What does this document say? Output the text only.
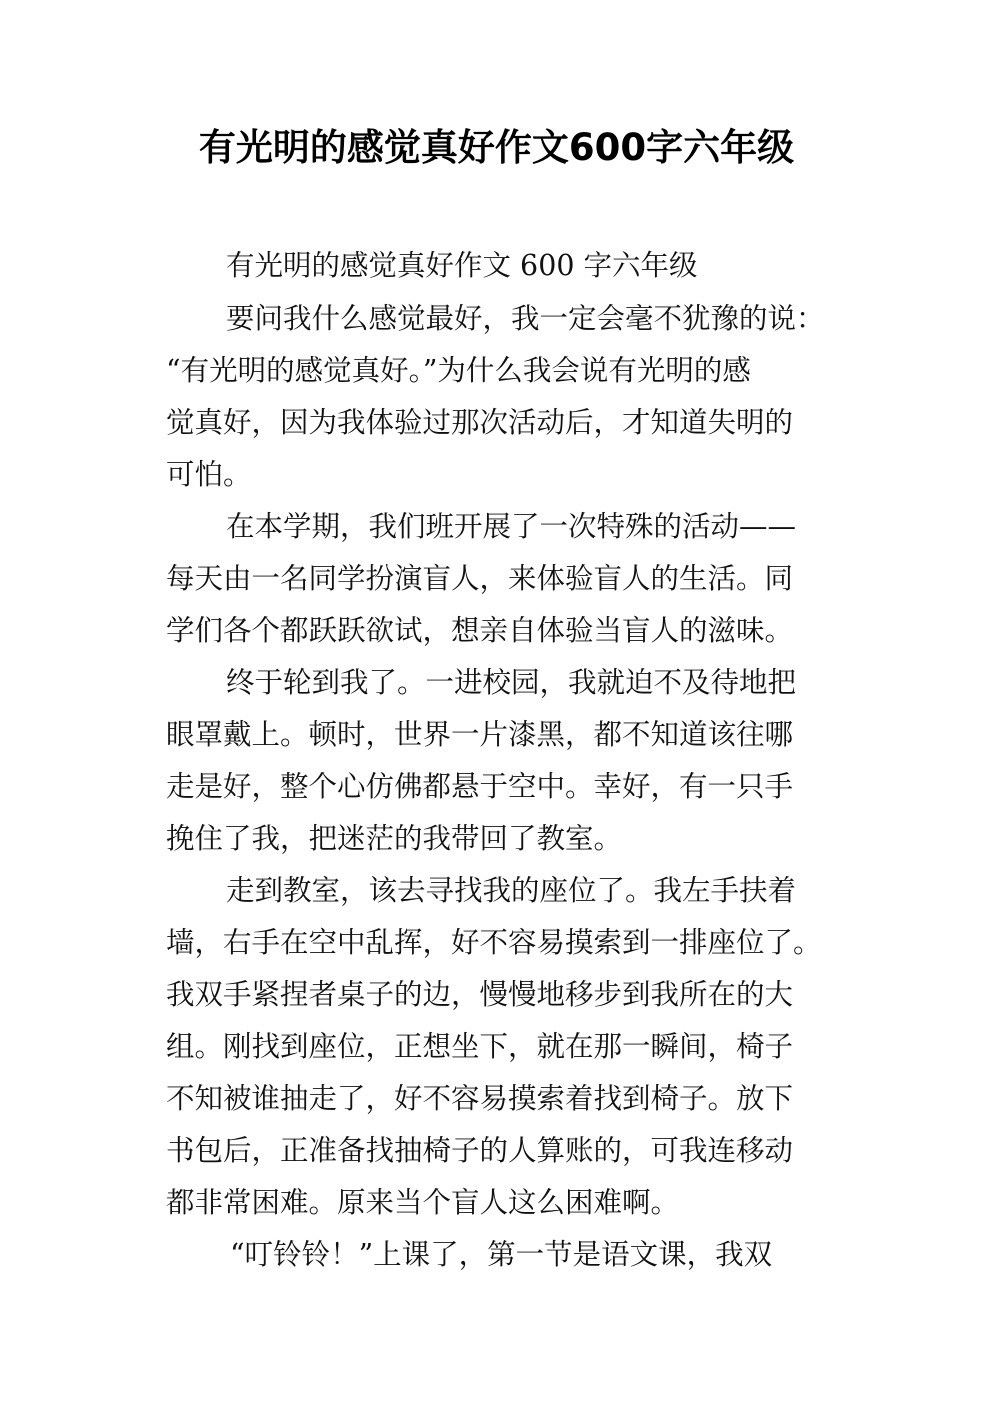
有光明的感觉真好作文600字六年级
有光明的感觉真好作文 600 字六年级
要问我什么感觉最好，我一定会毫不犹豫的说：
“有光明的感觉真好。”为什么我会说有光明的感
觉真好，因为我体验过那次活动后，才知道失明的
可怕。
在本学期，我们班开展了一次特殊的活动——
每天由一名同学扮演盲人，来体验盲人的生活。同
学们各个都跃跃欲试，想亲自体验当盲人的滋味。
终于轮到我了。一进校园，我就迫不及待地把
眼罩戴上。顿时，世界一片漆黑，都不知道该往哪
走是好，整个心仿佛都悬于空中。幸好，有一只手
挽住了我，把迷茫的我带回了教室。
走到教室，该去寻找我的座位了。我左手扶着
墙，右手在空中乱挥，好不容易摸索到一排座位了。
我双手紧捏者桌子的边，慢慢地移步到我所在的大
组。刚找到座位，正想坐下，就在那一瞬间，椅子
不知被谁抽走了，好不容易摸索着找到椅子。放下
书包后，正准备找抽椅子的人算账的，可我连移动
都非常困难。原来当个盲人这么困难啊。
“叮铃铃！”上课了，第一节是语文课，我双
